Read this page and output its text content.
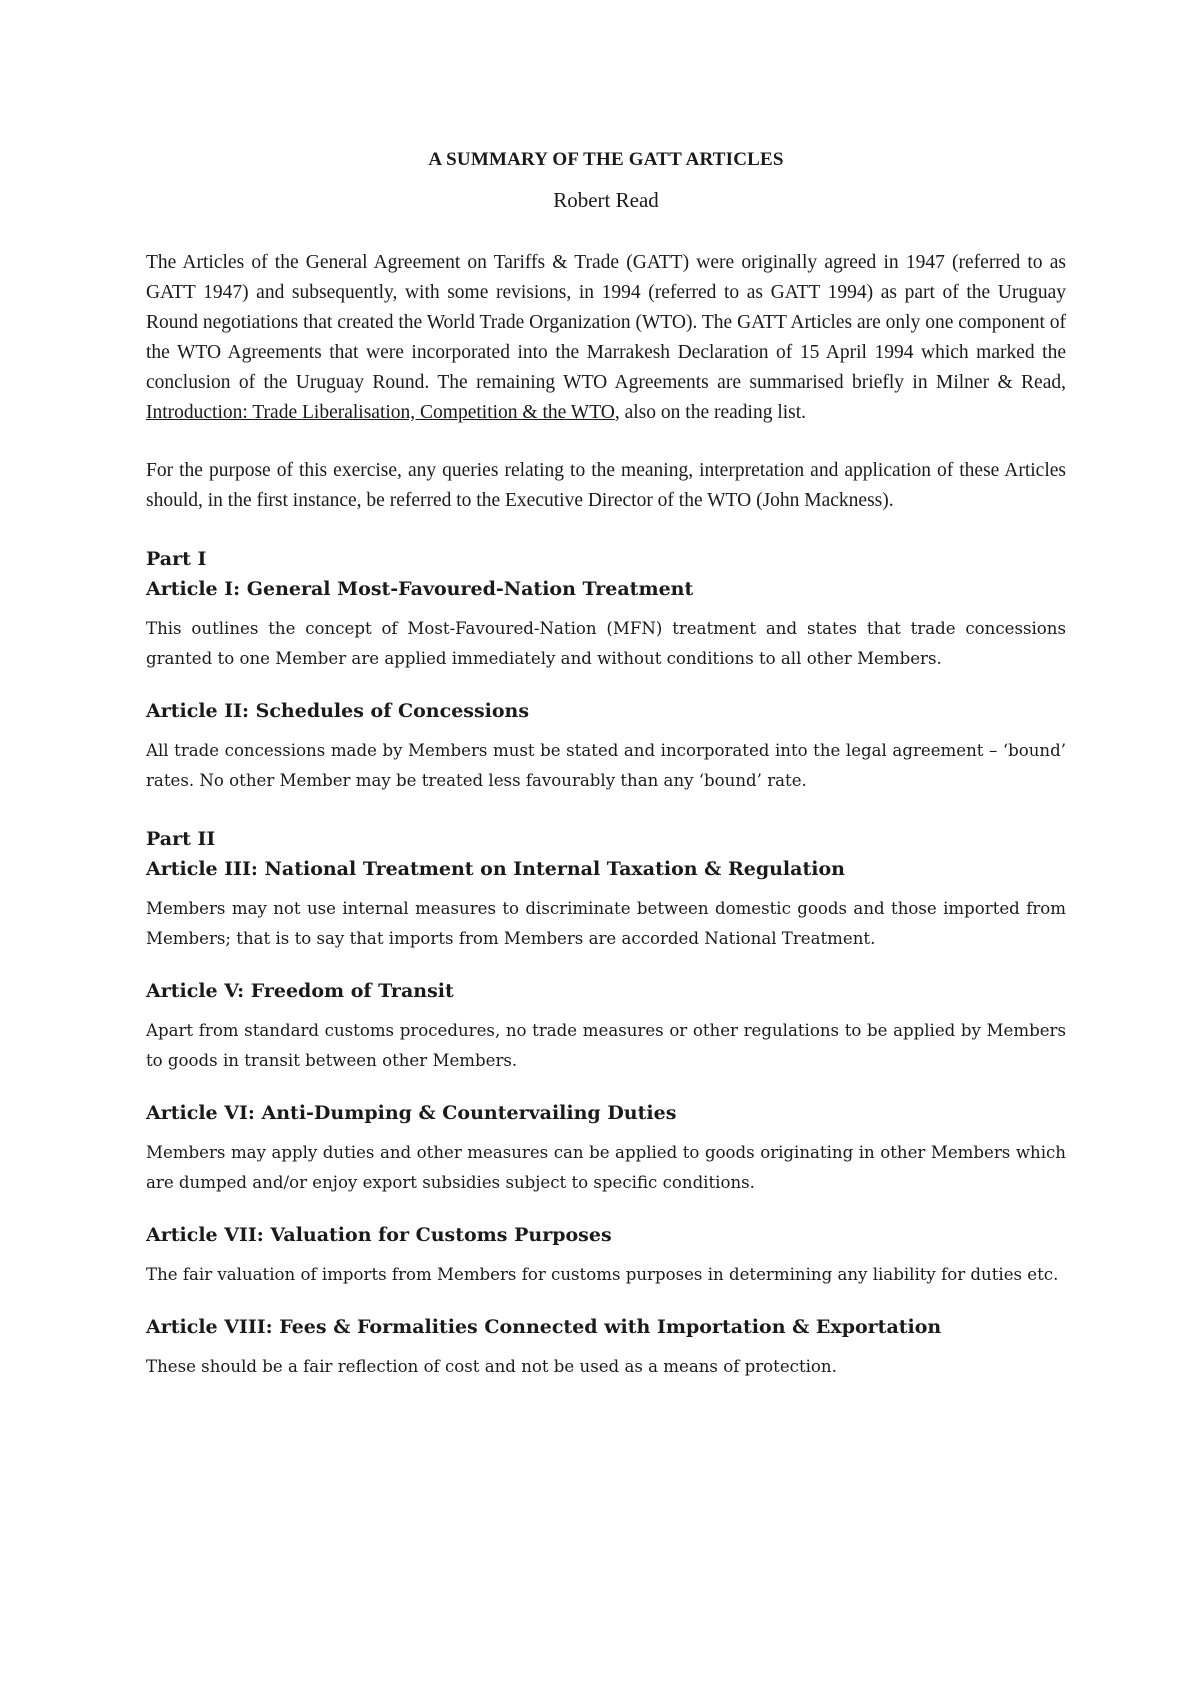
A SUMMARY OF THE GATT ARTICLES

Robert Read

The Articles of the General Agreement on Tariffs & Trade (GATT) were originally agreed in 1947 (referred to as GATT 1947) and subsequently, with some revisions, in 1994 (referred to as GATT 1994) as part of the Uruguay Round negotiations that created the World Trade Organization (WTO). The GATT Articles are only one component of the WTO Agreements that were incorporated into the Marrakesh Declaration of 15 April 1994 which marked the conclusion of the Uruguay Round. The remaining WTO Agreements are summarised briefly in Milner & Read, Introduction: Trade Liberalisation, Competition & the WTO, also on the reading list.

For the purpose of this exercise, any queries relating to the meaning, interpretation and application of these Articles should, in the first instance, be referred to the Executive Director of the WTO (John Mackness).

Part I
Article I: General Most-Favoured-Nation Treatment

This outlines the concept of Most-Favoured-Nation (MFN) treatment and states that trade concessions granted to one Member are applied immediately and without conditions to all other Members.

Article II: Schedules of Concessions

All trade concessions made by Members must be stated and incorporated into the legal agreement – ‘bound’ rates. No other Member may be treated less favourably than any ‘bound’ rate.

Part II
Article III: National Treatment on Internal Taxation & Regulation

Members may not use internal measures to discriminate between domestic goods and those imported from Members; that is to say that imports from Members are accorded National Treatment.

Article V: Freedom of Transit

Apart from standard customs procedures, no trade measures or other regulations to be applied by Members to goods in transit between other Members.

Article VI: Anti-Dumping & Countervailing Duties

Members may apply duties and other measures can be applied to goods originating in other Members which are dumped and/or enjoy export subsidies subject to specific conditions.

Article VII: Valuation for Customs Purposes

The fair valuation of imports from Members for customs purposes in determining any liability for duties etc.

Article VIII: Fees & Formalities Connected with Importation & Exportation

These should be a fair reflection of cost and not be used as a means of protection.
